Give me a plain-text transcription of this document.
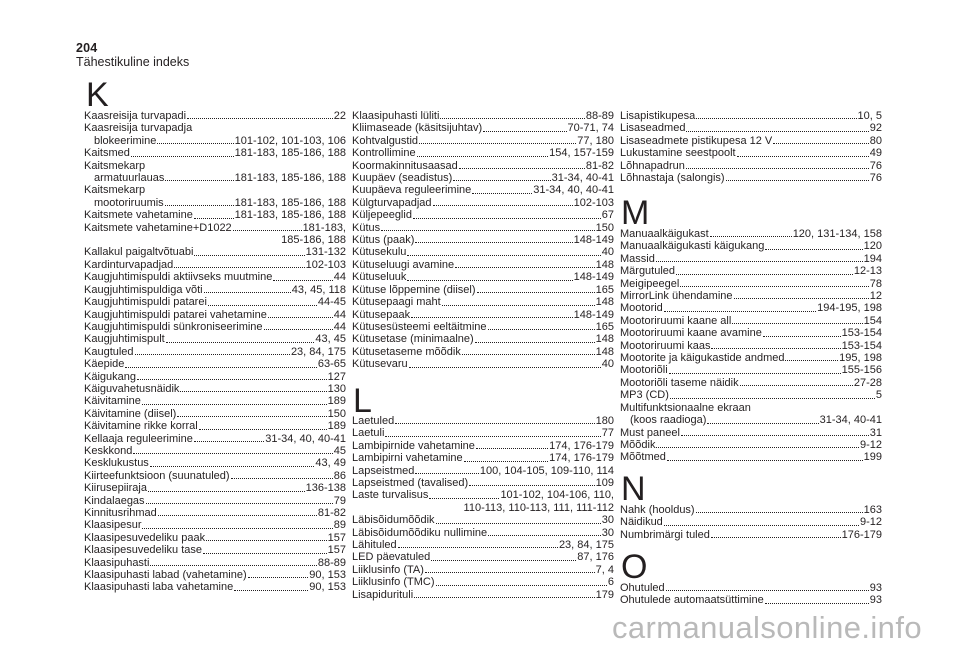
204
Tähestikuline indeks
K
Kaasreisija turvapadi	22
Kaasreisija turvapadja
blokeerimine	101-102, 101-103, 106
Kaitsmed	181-183, 185-186, 188
Kaitsmekarp
armatuurlauas	181-183, 185-186, 188
Kaitsmekarp
mootoriruumis	181-183, 185-186, 188
Kaitsmete vahetamine	181-183, 185-186, 188
Kaitsmete vahetamine+D1022	181-183,
185-186, 188
Kallakul paigaltvõtuabi	131-132
Kardinturvapadjad	102-103
Kaugjuhtimispuldi aktiivseks muutmine	44
Kaugjuhtimispuldiga võti	43, 45, 118
Kaugjuhtimispuldi patarei	44-45
Kaugjuhtimispuldi patarei vahetamine	44
Kaugjuhtimispuldi sünkroniseerimine	44
Kaugjuhtimispult	43, 45
Kaugtuled	23, 84, 175
Käepide	63-65
Käigukang	127
Käiguvahetusnäidik	130
Käivitamine	189
Käivitamine (diisel)	150
Käivitamine rikke korral	189
Kellaaja reguleerimine	31-34, 40, 40-41
Keskkond	45
Kesklukustus	43, 49
Kiirteefunktsioon (suunatuled)	86
Kiirusepiiraja	136-138
Kindalaegas	79
Kinnitusrihmad	81-82
Klaasipesur	89
Klaasipesuvedeliku paak	157
Klaasipesuvedeliku tase	157
Klaasipuhasti	88-89
Klaasipuhasti labad (vahetamine)	90, 153
Klaasipuhasti laba vahetamine	90, 153
Klaasipuhasti lüliti	88-89
Kliimaseade (käsitsijuhtav)	70-71, 74
Kohtvalgustid	77, 180
Kontrollimine	154, 157-159
Koormakinnitusaasad	81-82
Kuupäev (seadistus)	31-34, 40-41
Kuupäeva reguleerimine	31-34, 40, 40-41
Külgturvapadjad	102-103
Küljepeeglid	67
Kütus	150
Kütus (paak)	148-149
Kütusekulu	40
Kütuseluugi avamine	148
Kütuseluuk	148-149
Kütuse lõppemine (diisel)	165
Kütusepaagi maht	148
Kütusepaak	148-149
Kütusesüsteemi eeltäitmine	165
Kütusetase (minimaalne)	148
Kütusetaseme mõõdik	148
Kütusevaru	40
L
Laetuled	180
Laetuli	77
Lambipirnide vahetamine	174, 176-179
Lambipirni vahetamine	174, 176-179
Lapseistmed	100, 104-105, 109-110, 114
Lapseistmed (tavalised)	109
Laste turvalisus	101-102, 104-106, 110,
110-113, 110-113, 111, 111-112
Läbisõidumõõdik	30
Läbisõidumõõdiku nullimine	30
Lähituled	23, 84, 175
LED päevatuled	87, 176
Liiklusinfo (TA)	7, 4
Liiklusinfo (TMC)	6
Lisapidurituli	179
Lisapistikupesa	10, 5
Lisaseadmed	92
Lisaseadmete pistikupesa 12 V	80
Lukustamine seestpoolt	49
Lõhnapadrun	76
Lõhnastaja (salongis)	76
M
Manuaalkäigukast	120, 131-134, 158
Manuaalkäigukasti käigukang	120
Massid	194
Märgutuled	12-13
Meigipeegel	78
MirrorLink ühendamine	12
Mootorid	194-195, 198
Mootoriruumi kaane all	154
Mootoriruumi kaane avamine	153-154
Mootoriruumi kaas	153-154
Mootorite ja käigukastide andmed	195, 198
Mootoriõli	155-156
Mootoriõli taseme näidik	27-28
MP3 (CD)	5
Multifunktsionaalne ekraan
(koos raadioga)	31-34, 40-41
Must paneel	31
Mõõdik	9-12
Mõõtmed	199
N
Nahk (hooldus)	163
Näidikud	9-12
Numbrimärgi tuled	176-179
O
Ohutuled	93
Ohutulede automaatsüttimine	93
carmanualsonline.info
